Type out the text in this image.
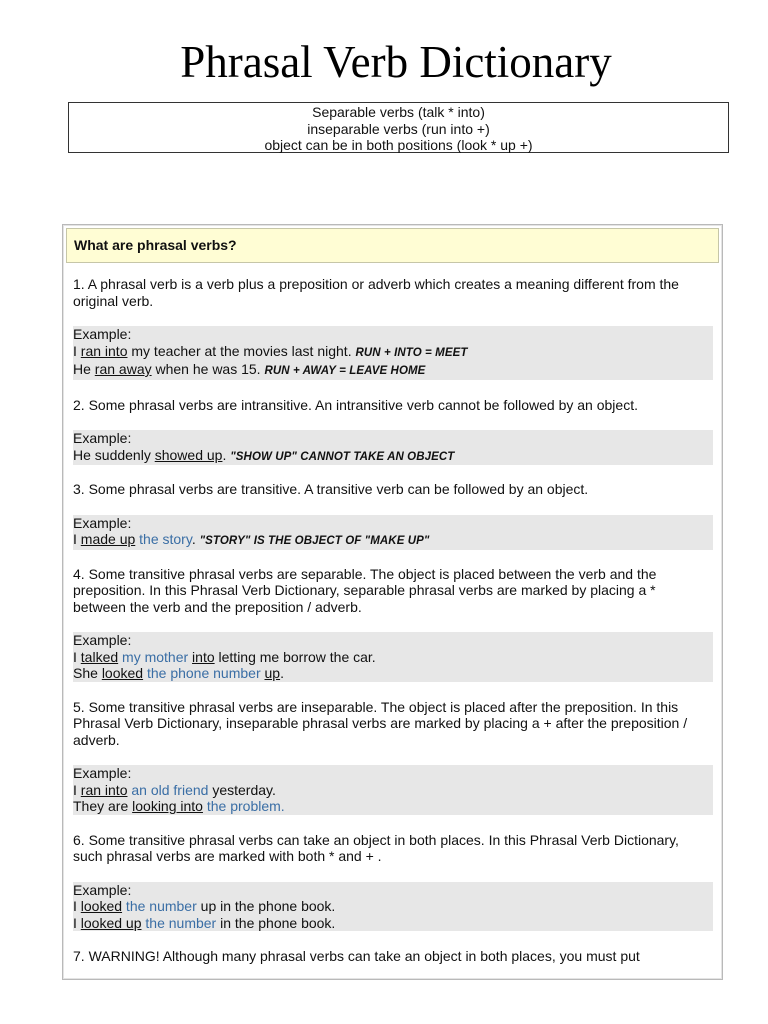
Phrasal Verb Dictionary
Separable verbs (talk * into)
inseparable verbs (run into +)
object can be in both positions (look * up +)
What are phrasal verbs?
1. A phrasal verb is a verb plus a preposition or adverb which creates a meaning different from the original verb.
Example:
I ran into my teacher at the movies last night. RUN + INTO = MEET
He ran away when he was 15. RUN + AWAY = LEAVE HOME
2. Some phrasal verbs are intransitive. An intransitive verb cannot be followed by an object.
Example:
He suddenly showed up. "SHOW UP" CANNOT TAKE AN OBJECT
3. Some phrasal verbs are transitive. A transitive verb can be followed by an object.
Example:
I made up the story. "STORY" IS THE OBJECT OF "MAKE UP"
4. Some transitive phrasal verbs are separable. The object is placed between the verb and the preposition. In this Phrasal Verb Dictionary, separable phrasal verbs are marked by placing a * between the verb and the preposition / adverb.
Example:
I talked my mother into letting me borrow the car.
She looked the phone number up.
5. Some transitive phrasal verbs are inseparable. The object is placed after the preposition. In this Phrasal Verb Dictionary, inseparable phrasal verbs are marked by placing a + after the preposition / adverb.
Example:
I ran into an old friend yesterday.
They are looking into the problem.
6. Some transitive phrasal verbs can take an object in both places. In this Phrasal Verb Dictionary, such phrasal verbs are marked with both * and + .
Example:
I looked the number up in the phone book.
I looked up the number in the phone book.
7. WARNING! Although many phrasal verbs can take an object in both places, you must put
